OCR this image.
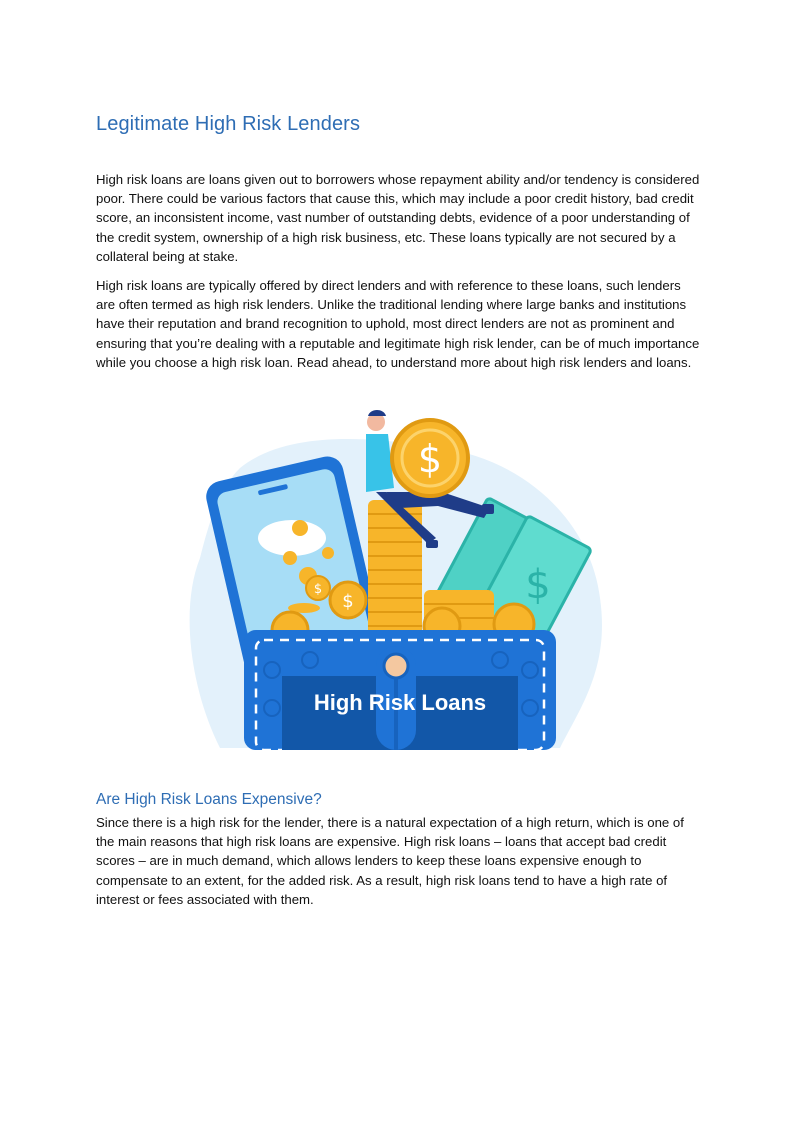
Legitimate High Risk Lenders

High risk loans are loans given out to borrowers whose repayment ability and/or tendency is considered poor. There could be various factors that cause this, which may include a poor credit history, bad credit score, an inconsistent income, vast number of outstanding debts, evidence of a poor understanding of the credit system, ownership of a high risk business, etc. These loans typically are not secured by a collateral being at stake.

High risk loans are typically offered by direct lenders and with reference to these loans, such lenders are often termed as high risk lenders. Unlike the traditional lending where large banks and institutions have their reputation and brand recognition to uphold, most direct lenders are not as prominent and ensuring that you’re dealing with a reputable and legitimate high risk lender, can be of much importance while you choose a high risk loan. Read ahead, to understand more about high risk lenders and loans.

$
$	$
$
High Risk Loans
Are High Risk Loans Expensive?

Since there is a high risk for the lender, there is a natural expectation of a high return, which is one of the main reasons that high risk loans are expensive. High risk loans – loans that accept bad credit scores – are in much demand, which allows lenders to keep these loans expensive enough to compensate to an extent, for the added risk. As a result, high risk loans tend to have a high rate of interest or fees associated with them.
